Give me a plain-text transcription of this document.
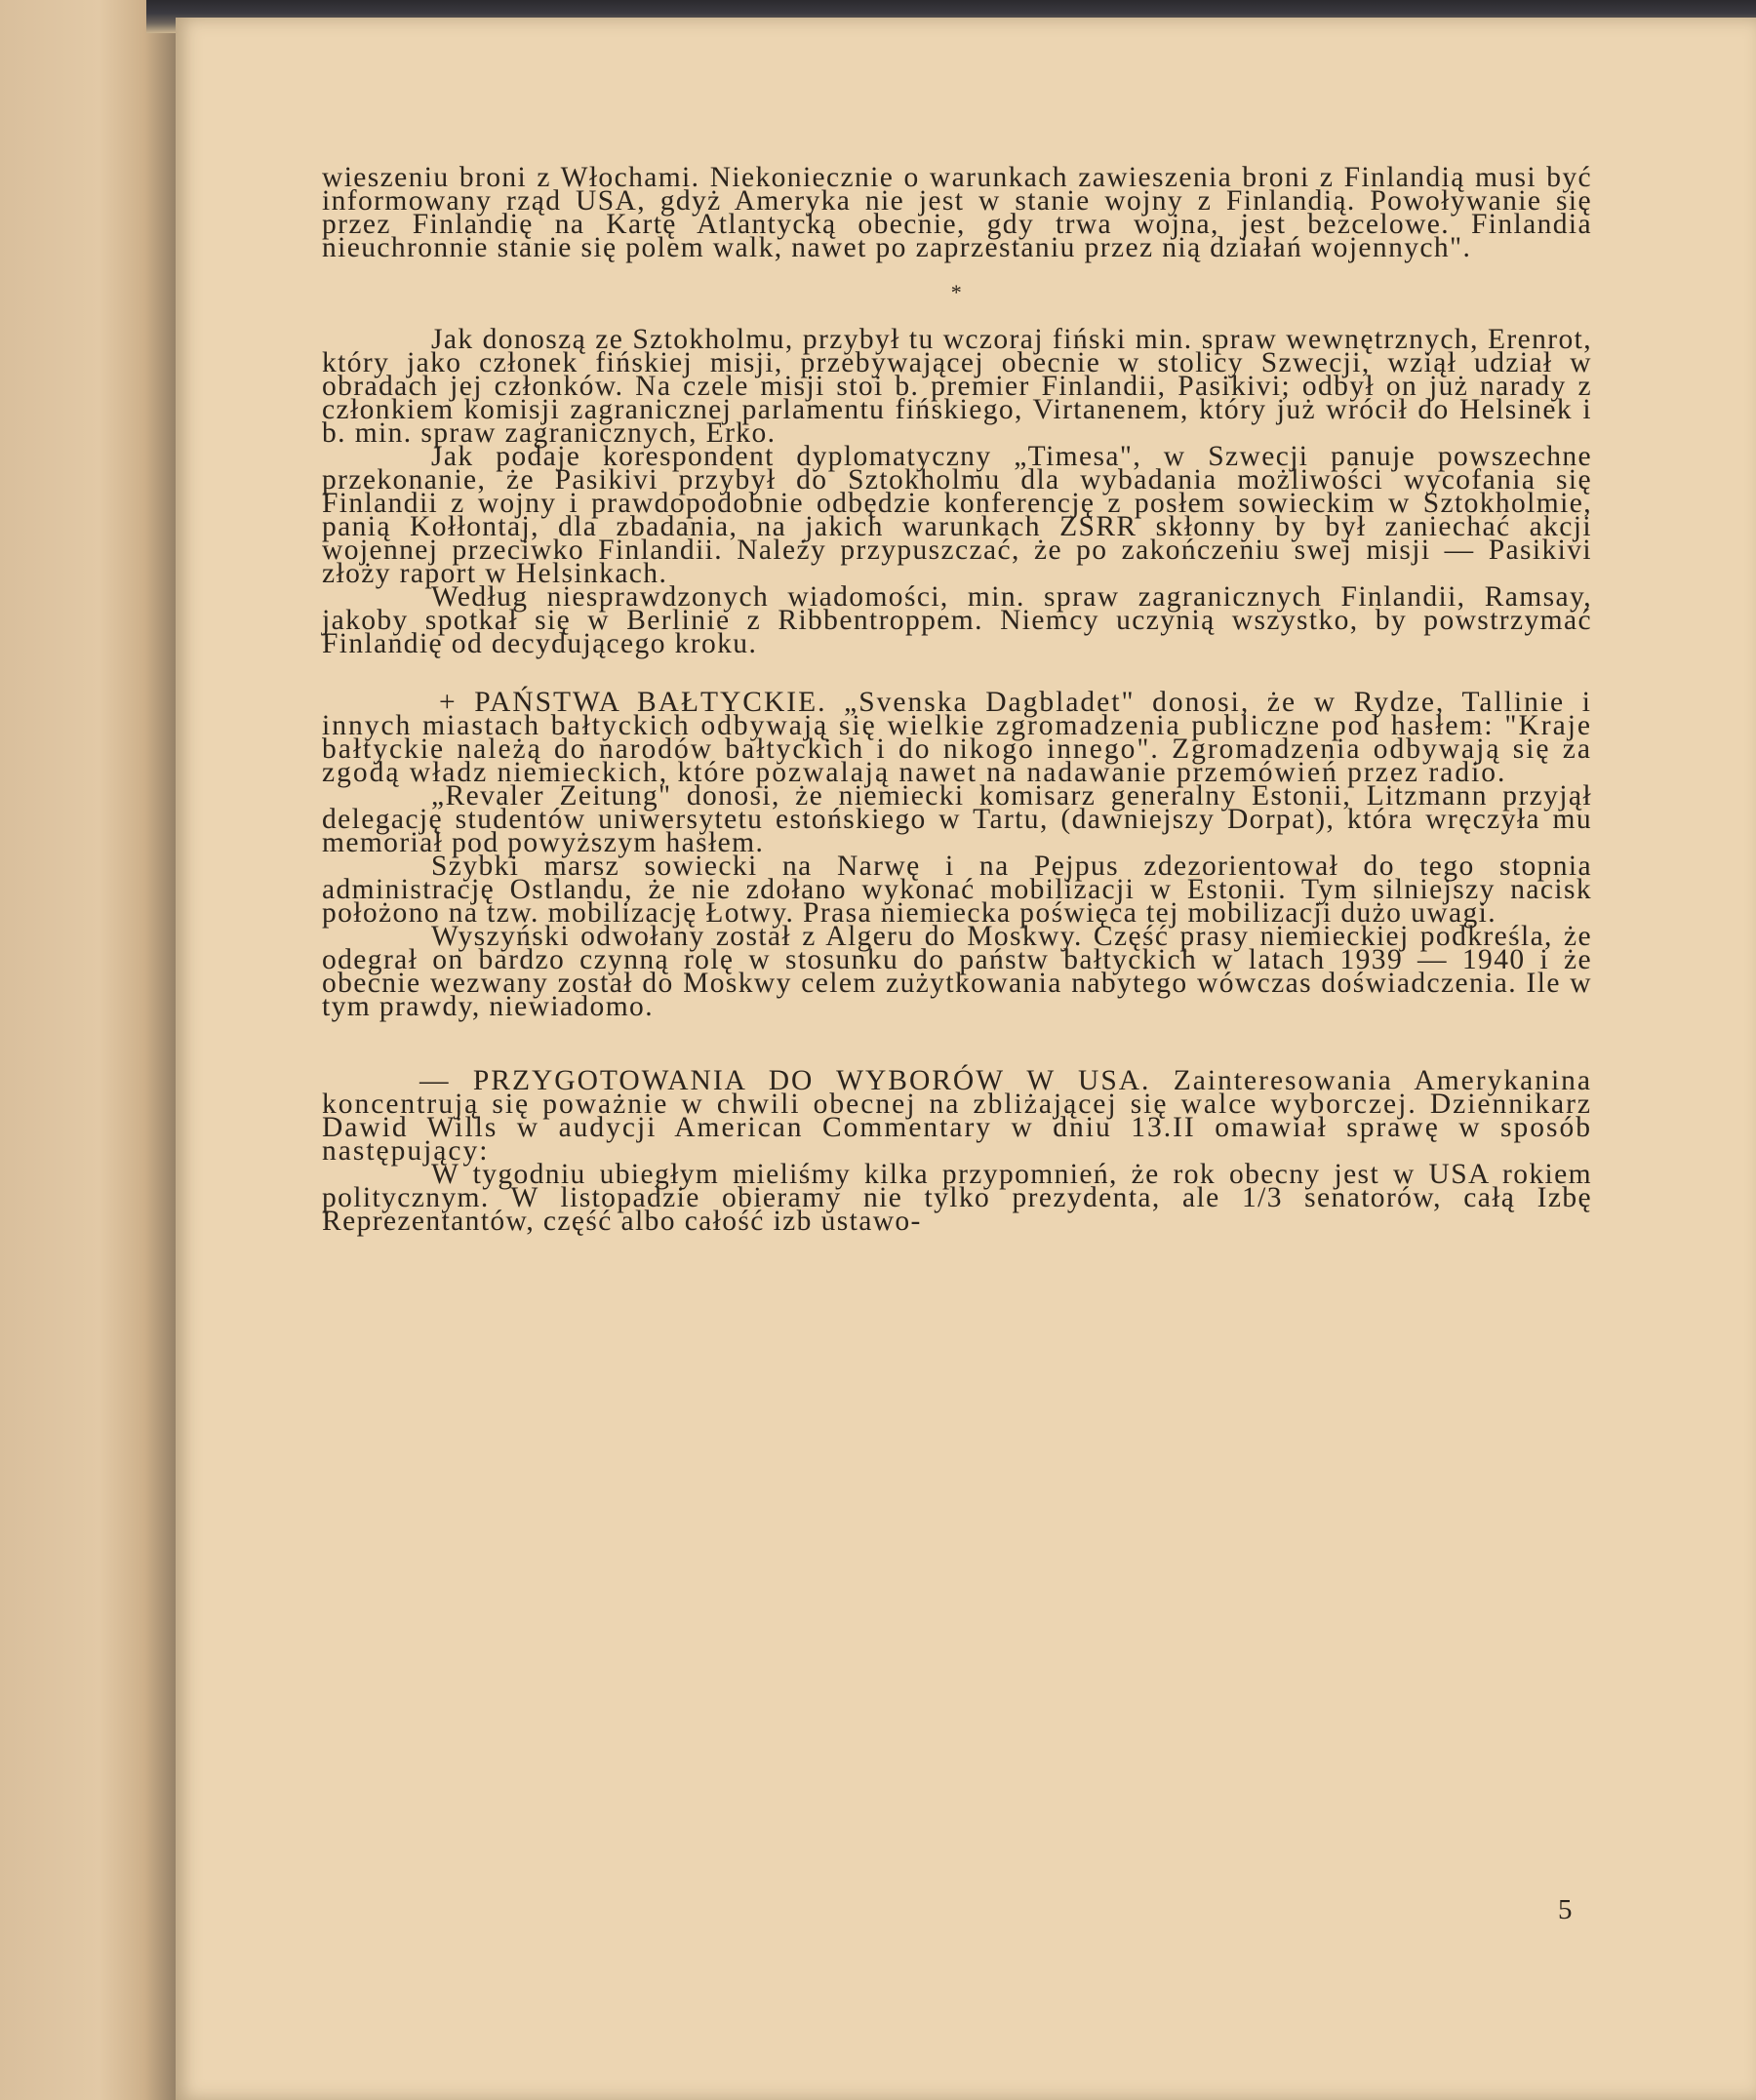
wieszeniu broni z Włochami. Niekoniecznie o warunkach zawieszenia broni z Finlandią musi być informowany rząd USA, gdyż Ameryka nie jest w stanie wojny z Finlandią. Powoływanie się przez Finlandię na Kartę Atlantycką obecnie, gdy trwa wojna, jest bezcelowe. Finlandia nieuchronnie stanie się polem walk, nawet po zaprzestaniu przez nią działań wojennych".

*

Jak donoszą ze Sztokholmu, przybył tu wczoraj fiński min. spraw wewnętrznych, Erenrot, który jako członek fińskiej misji, przebywającej obecnie w stolicy Szwecji, wziął udział w obradach jej członków. Na czele misji stoi b. premier Finlandii, Pasikivi; odbył on już narady z członkiem komisji zagranicznej parlamentu fińskiego, Virtanenem, który już wrócił do Helsinek i b. min. spraw zagranicznych, Erko.

Jak podaje korespondent dyplomatyczny „Timesa", w Szwecji panuje powszechne przekonanie, że Pasikivi przybył do Sztokholmu dla wybadania możliwości wycofania się Finlandii z wojny i prawdopodobnie odbędzie konferencję z posłem sowieckim w Sztokholmie, panią Kołłontaj, dla zbadania, na jakich warunkach ZSRR skłonny by był zaniechać akcji wojennej przeciwko Finlandii. Należy przypuszczać, że po zakończeniu swej misji — Pasikivi złoży raport w Helsinkach.

Według niesprawdzonych wiadomości, min. spraw zagranicznych Finlandii, Ramsay, jakoby spotkał się w Berlinie z Ribbentroppem. Niemcy uczynią wszystko, by powstrzymać Finlandię od decydującego kroku.

+ PAŃSTWA BAŁTYCKIE. „Svenska Dagbladet" donosi, że w Rydze, Tallinie i innych miastach bałtyckich odbywają się wielkie zgromadzenia publiczne pod hasłem: "Kraje bałtyckie należą do narodów bałtyckich i do nikogo innego". Zgromadzenia odbywają się za zgodą władz niemieckich, które pozwalają nawet na nadawanie przemówień przez radio.

„Revaler Zeitung" donosi, że niemiecki komisarz generalny Estonii, Litzmann przyjął delegację studentów uniwersytetu estońskiego w Tartu, (dawniejszy Dorpat), która wręczyła mu memoriał pod powyższym hasłem.

Szybki marsz sowiecki na Narwę i na Pejpus zdezorientował do tego stopnia administrację Ostlandu, że nie zdołano wykonać mobilizacji w Estonii. Tym silniejszy nacisk położono na tzw. mobilizację Łotwy. Prasa niemiecka poświęca tej mobilizacji dużo uwagi.

Wyszyński odwołany został z Algeru do Moskwy. Część prasy niemieckiej podkreśla, że odegrał on bardzo czynną rolę w stosunku do państw bałtyckich w latach 1939 — 1940 i że obecnie wezwany został do Moskwy celem zużytkowania nabytego wówczas doświadczenia. Ile w tym prawdy, niewiadomo.

— PRZYGOTOWANIA DO WYBORÓW W USA. Zainteresowania Amerykanina koncentrują się poważnie w chwili obecnej na zbliżającej się walce wyborczej. Dziennikarz Dawid Wills w audycji American Commentary w dniu 13.II omawiał sprawę w sposób następujący:

W tygodniu ubiegłym mieliśmy kilka przypomnień, że rok obecny jest w USA rokiem politycznym. W listopadzie obieramy nie tylko prezydenta, ale 1/3 senatorów, całą Izbę Reprezentantów, część albo całość izb ustawo-

5
